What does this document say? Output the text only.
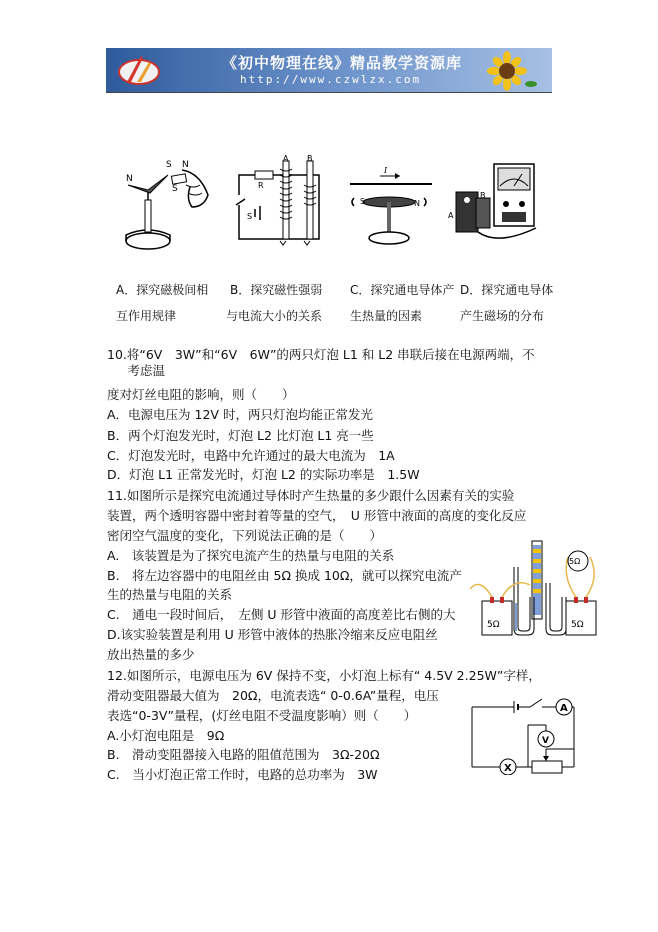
《初中物理在线》精品教学资源库
http://www.czwlzx.com
N
S
S
N
A B
R
S
I
S	N
A
B
A．探究磁极间相
互作用规律
B．探究磁性强弱
与电流大小的关系
C．探究通电导体产
生热量的因素
D．探究通电导体
产生磁场的分布
10.将“6V　3W”和“6V　6W”的两只灯泡 L1 和 L2 串联后接在电源两端，不
　考虑温
度对灯丝电阻的影响，则（　　）
A．电源电压为 12V 时，两只灯泡均能正常发光
B．两个灯泡发光时，灯泡 L2 比灯泡 L1 亮一些
C．灯泡发光时，电路中允许通过的最大电流为　1A
D．灯泡 L1 正常发光时，灯泡 L2 的实际功率是　1.5W
11.如图所示是探究电流通过导体时产生热量的多少跟什么因素有关的实验
装置，两个透明容器中密封着等量的空气，　U 形管中液面的高度的变化反应
密闭空气温度的变化，下列说法正确的是（　　）
A.　该装置是为了探究电流产生的热量与电阻的关系
B.　将左边容器中的电阻丝由 5Ω 换成 10Ω，就可以探究电流产
生的热量与电阻的关系
C.　通电一段时间后，　左侧 U 形管中液面的高度差比右侧的大
D.该实验装置是利用 U 形管中液体的热胀冷缩来反应电阻丝
放出热量的多少
5Ω	5Ω
5Ω
12.如图所示，电源电压为 6V 保持不变，小灯泡上标有“ 4.5V 2.25W”字样，
滑动变阻器最大值为　20Ω，电流表选“ 0-0.6A”量程，电压
表选“0-3V”量程，(灯丝电阻不受温度影响）则（　　）
A.小灯泡电阻是　9Ω
B.　滑动变阻器接入电路的阻值范围为　3Ω-20Ω
C.　当小灯泡正常工作时，电路的总功率为　3W
A
V
X
